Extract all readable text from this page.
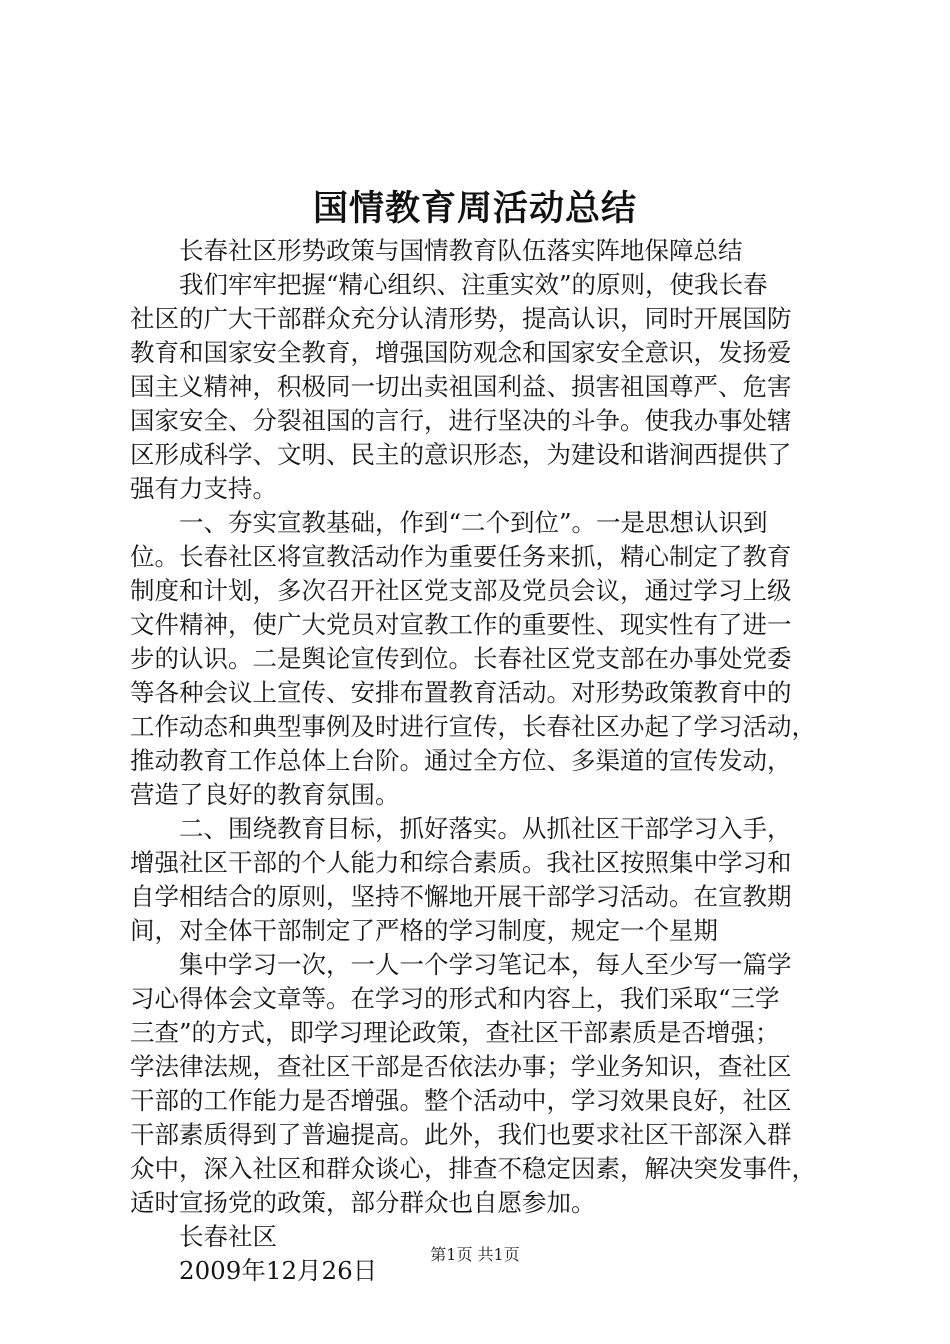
国情教育周活动总结

长春社区形势政策与国情教育队伍落实阵地保障总结

我们牢牢把握“精心组织、注重实效”的原则，使我长春
社区的广大干部群众充分认清形势，提高认识，同时开展国防
教育和国家安全教育，增强国防观念和国家安全意识，发扬爱
国主义精神，积极同一切出卖祖国利益、损害祖国尊严、危害
国家安全、分裂祖国的言行，进行坚决的斗争。使我办事处辖
区形成科学、文明、民主的意识形态，为建设和谐涧西提供了
强有力支持。

一、夯实宣教基础，作到“二个到位”。一是思想认识到
位。长春社区将宣教活动作为重要任务来抓，精心制定了教育
制度和计划，多次召开社区党支部及党员会议，通过学习上级
文件精神，使广大党员对宣教工作的重要性、现实性有了进一
步的认识。二是舆论宣传到位。长春社区党支部在办事处党委
等各种会议上宣传、安排布置教育活动。对形势政策教育中的
工作动态和典型事例及时进行宣传，长春社区办起了学习活动，
推动教育工作总体上台阶。通过全方位、多渠道的宣传发动，
营造了良好的教育氛围。

二、围绕教育目标，抓好落实。从抓社区干部学习入手，
增强社区干部的个人能力和综合素质。我社区按照集中学习和
自学相结合的原则，坚持不懈地开展干部学习活动。在宣教期
间，对全体干部制定了严格的学习制度，规定一个星期

集中学习一次，一人一个学习笔记本，每人至少写一篇学
习心得体会文章等。在学习的形式和内容上，我们采取“三学
三查”的方式，即学习理论政策，查社区干部素质是否增强；
学法律法规，查社区干部是否依法办事；学业务知识，查社区
干部的工作能力是否增强。整个活动中，学习效果良好，社区
干部素质得到了普遍提高。此外，我们也要求社区干部深入群
众中，深入社区和群众谈心，排查不稳定因素，解决突发事件，
适时宣扬党的政策，部分群众也自愿参加。

长春社区

2009年12月26日

第1页 共1页
